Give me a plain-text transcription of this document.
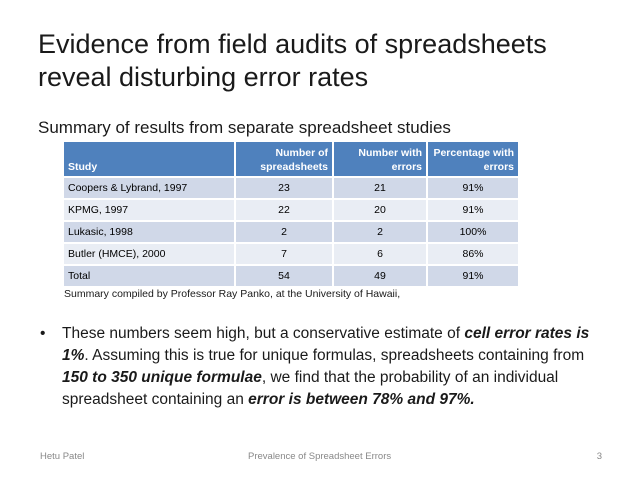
Evidence from field audits of spreadsheets reveal disturbing error rates
Summary of results from separate spreadsheet studies
Study	Number of spreadsheets	Number with errors	Percentage with errors
Coopers & Lybrand, 1997	23	21	91%
KPMG, 1997	22	20	91%
Lukasic, 1998	2	2	100%
Butler (HMCE), 2000	7	6	86%
Total	54	49	91%
Summary compiled by Professor Ray Panko, at the University of Hawaii,
• These numbers seem high, but a conservative estimate of cell error rates is 1%. Assuming this is true for unique formulas, spreadsheets containing from 150 to 350 unique formulae, we find that the probability of an individual spreadsheet containing an error is between 78% and 97%.
Hetu Patel	Prevalence of Spreadsheet Errors	3
